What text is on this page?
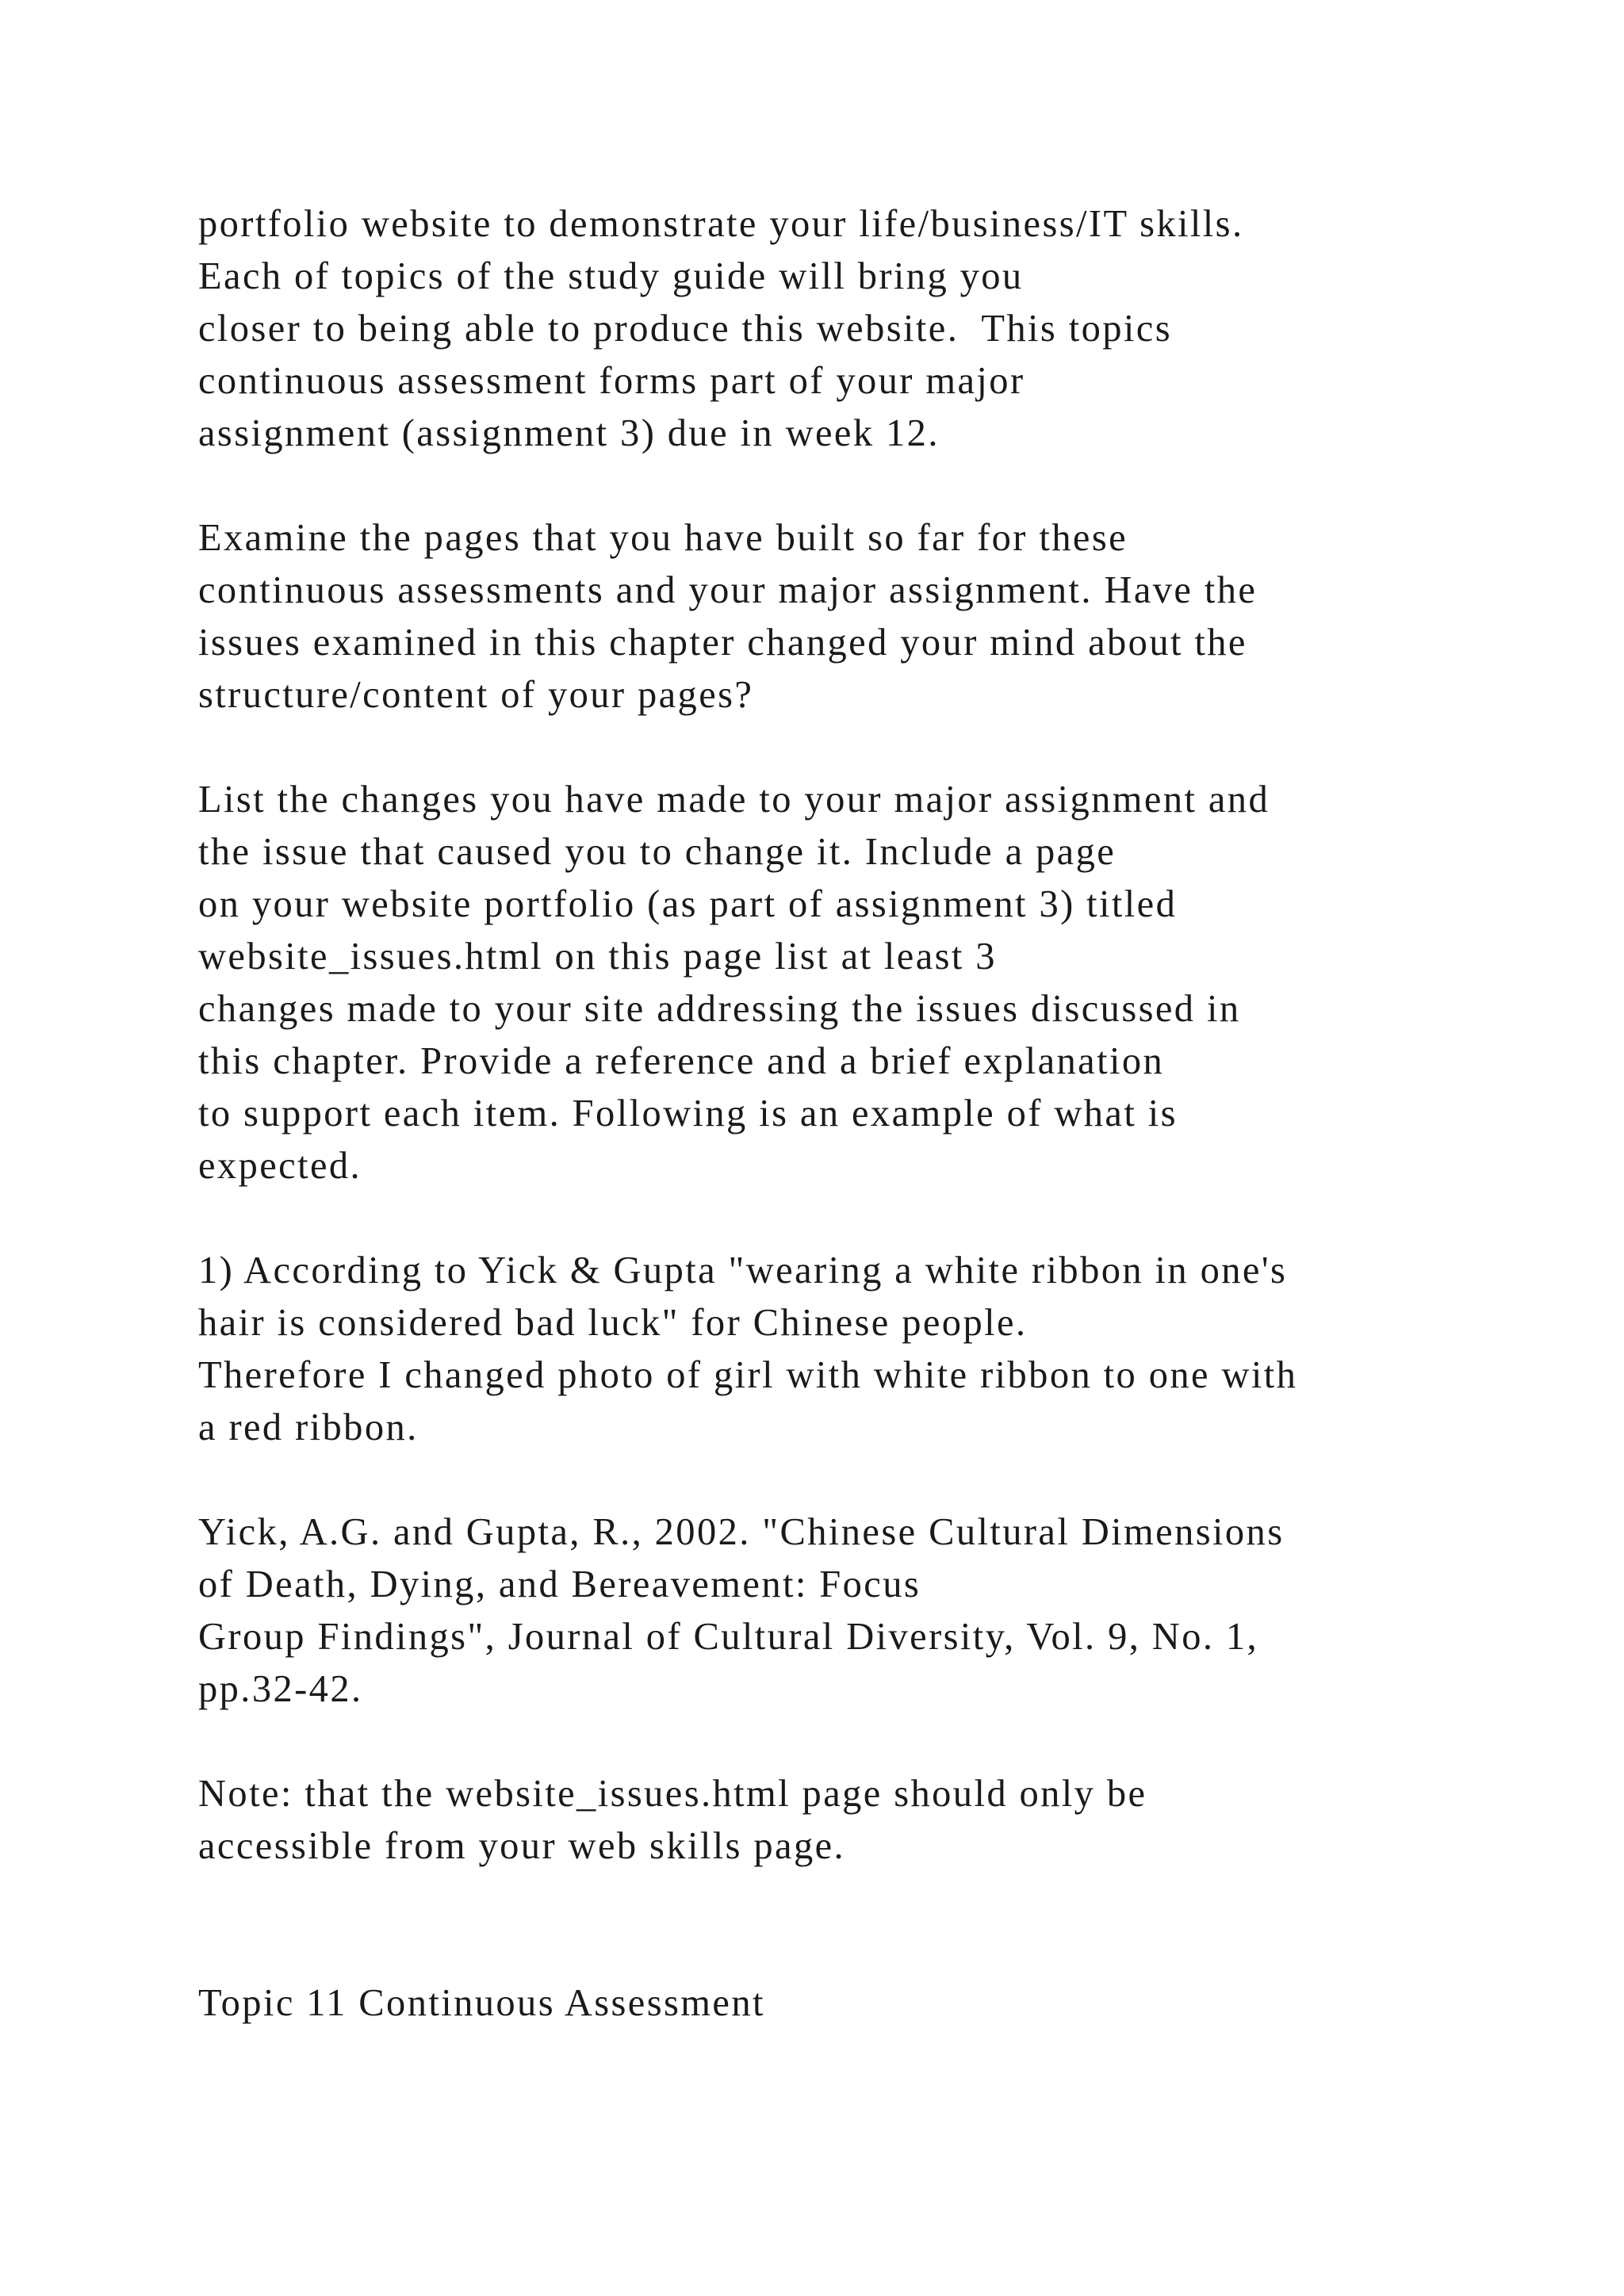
portfolio website to demonstrate your life/business/IT skills.
Each of topics of the study guide will bring you
closer to being able to produce this website.  This topics
continuous assessment forms part of your major
assignment (assignment 3) due in week 12.
Examine the pages that you have built so far for these
continuous assessments and your major assignment. Have the
issues examined in this chapter changed your mind about the
structure/content of your pages?
List the changes you have made to your major assignment and
the issue that caused you to change it. Include a page
on your website portfolio (as part of assignment 3) titled
website_issues.html on this page list at least 3
changes made to your site addressing the issues discussed in
this chapter. Provide a reference and a brief explanation
to support each item. Following is an example of what is
expected.
1) According to Yick & Gupta "wearing a white ribbon in one's
hair is considered bad luck" for Chinese people.
Therefore I changed photo of girl with white ribbon to one with
a red ribbon.
Yick, A.G. and Gupta, R., 2002. "Chinese Cultural Dimensions
of Death, Dying, and Bereavement: Focus
Group Findings", Journal of Cultural Diversity, Vol. 9, No. 1,
pp.32-42.
Note: that the website_issues.html page should only be
accessible from your web skills page.
Topic 11 Continuous Assessment
